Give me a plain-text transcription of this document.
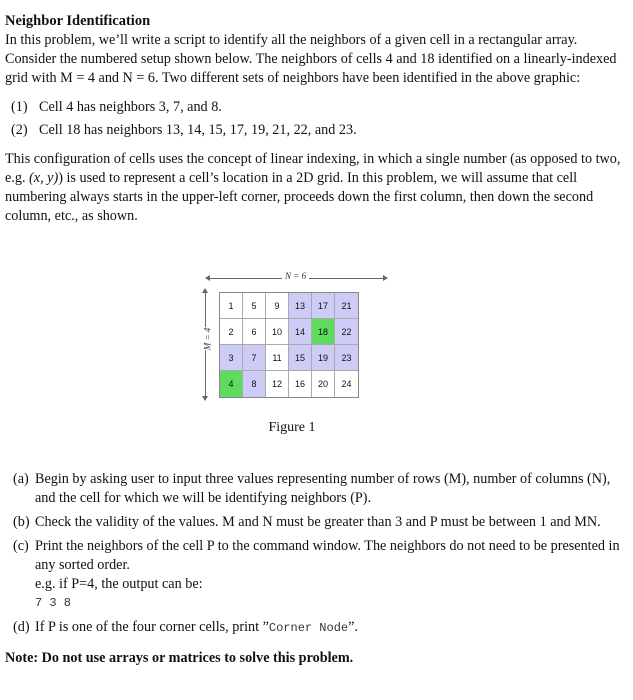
Neighbor Identification

In this problem, we’ll write a script to identify all the neighbors of a given cell in a rectangular array. Consider the numbered setup shown below. The neighbors of cells 4 and 18 identified on a linearly-indexed grid with M = 4 and N = 6. Two different sets of neighbors have been identified in the above graphic:

(1) Cell 4 has neighbors 3, 7, and 8.
(2) Cell 18 has neighbors 13, 14, 15, 17, 19, 21, 22, and 23.

This configuration of cells uses the concept of linear indexing, in which a single number (as opposed to two, e.g. (x, y)) is used to represent a cell’s location in a 2D grid. In this problem, we will assume that cell numbering always starts in the upper-left corner, proceeds down the first column, then down the second column, etc., as shown.

N = 6
M = 4
1	5	9	13	17	21
2	6	10	14	18	22
3	7	11	15	19	23
4	8	12	16	20	24
Figure 1
(a) Begin by asking user to input three values representing number of rows (M), number of columns (N), and the cell for which we will be identifying neighbors (P).
(b) Check the validity of the values. M and N must be greater than 3 and P must be between 1 and MN.
(c) Print the neighbors of the cell P to the command window. The neighbors do not need to be presented in any sorted order.
e.g. if P=4, the output can be:
7 3 8
(d) If P is one of the four corner cells, print ”Corner Node”.
Note: Do not use arrays or matrices to solve this problem.
